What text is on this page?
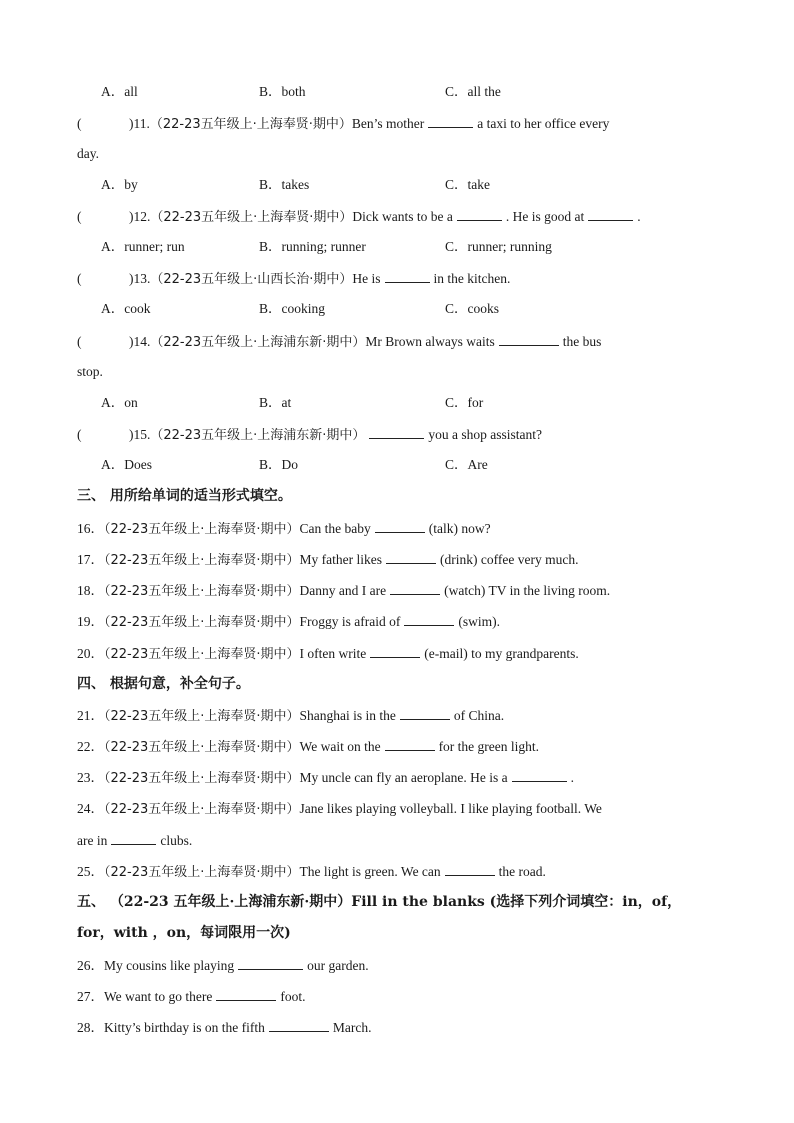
A．all	B．both	C．all the
(	)11.（22-23五年级上·上海奉贤·期中）Ben’s mother	a taxi to her office every
day.
A．by	B．takes	C．take
(	)12.（22-23五年级上·上海奉贤·期中）Dick wants to be a	. He is good at	.
A．runner; run	B．running; runner	C．runner; running
(	)13.（22-23五年级上·山西长治·期中）He is	in the kitchen.
A．cook	B．cooking	C．cooks
(	)14.（22-23五年级上·上海浦东新·期中）Mr Brown always waits	the bus
stop.
A．on	B．at	C．for
(	)15.（22-23五年级上·上海浦东新·期中）	you a shop assistant?
A．Does	B．Do	C．Are
三、 用所给单词的适当形式填空。
16．（22-23五年级上·上海奉贤·期中）Can the baby	(talk) now?
17．（22-23五年级上·上海奉贤·期中）My father likes	(drink) coffee very much.
18．（22-23五年级上·上海奉贤·期中）Danny and I are	(watch) TV in the living room.
19．（22-23五年级上·上海奉贤·期中）Froggy is afraid of	(swim).
20．（22-23五年级上·上海奉贤·期中）I often write	(e-mail) to my grandparents.
四、 根据句意，补全句子。
21．（22-23五年级上·上海奉贤·期中）Shanghai is in the	of China.
22．（22-23五年级上·上海奉贤·期中）We wait on the	for the green light.
23．（22-23五年级上·上海奉贤·期中）My uncle can fly an aeroplane. He is a	.
24．（22-23五年级上·上海奉贤·期中）Jane likes playing volleyball. I like playing football. We
are in	clubs.
25．（22-23五年级上·上海奉贤·期中）The light is green. We can	the road.
五、 （22-23 五年级上·上海浦东新·期中）Fill in the blanks (选择下列介词填空：in，of，
for，with ，on，每词限用一次)
26．My cousins like playing	our garden.
27．We want to go there	foot.
28．Kitty’s birthday is on the fifth	March.
